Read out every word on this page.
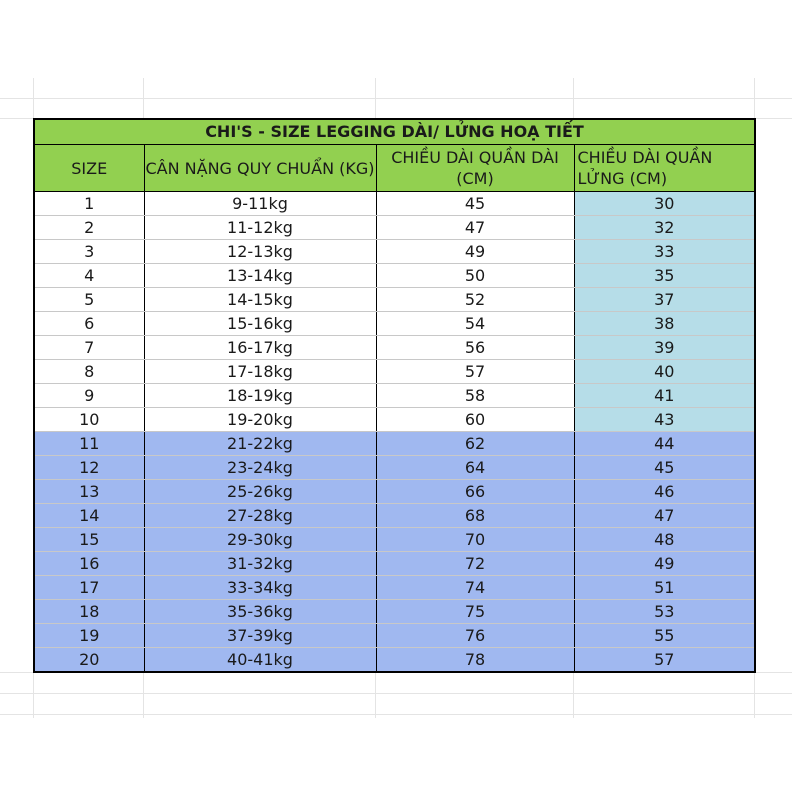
CHI'S - SIZE LEGGING DÀI/ LỬNG HOẠ TIẾT			
SIZE	CÂN NẶNG QUY CHUẨN (KG)	CHIỀU DÀI QUẦN DÀI (CM)	CHIỀU DÀI QUẦN LỬNG (CM)
1	9-11kg	45	30
2	11-12kg	47	32
3	12-13kg	49	33
4	13-14kg	50	35
5	14-15kg	52	37
6	15-16kg	54	38
7	16-17kg	56	39
8	17-18kg	57	40
9	18-19kg	58	41
10	19-20kg	60	43
11	21-22kg	62	44
12	23-24kg	64	45
13	25-26kg	66	46
14	27-28kg	68	47
15	29-30kg	70	48
16	31-32kg	72	49
17	33-34kg	74	51
18	35-36kg	75	53
19	37-39kg	76	55
20	40-41kg	78	57
